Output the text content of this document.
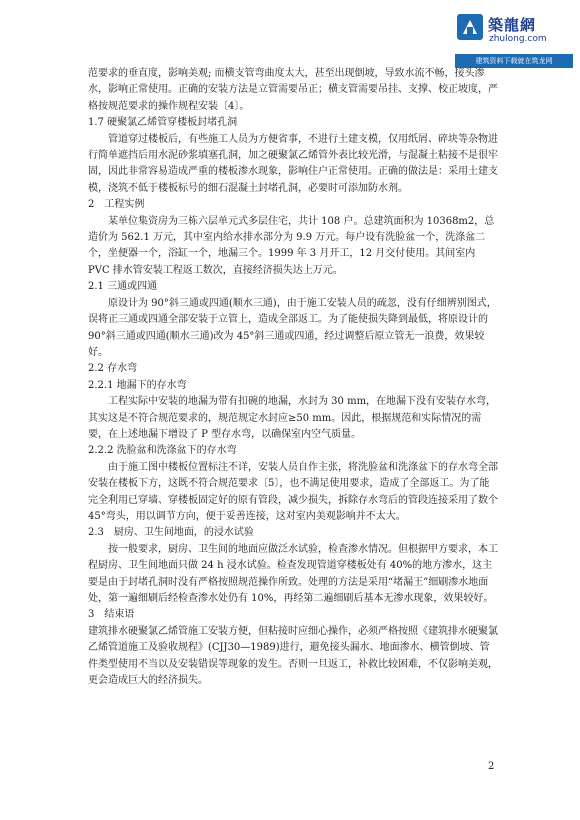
築龍網
zhulong.com
建筑资料下载就在筑龙网

范要求的垂直度，影响美观; 而横支管弯曲度太大，甚至出现倒坡，导致水流不畅，接头渗水，影响正常使用。正确的安装方法是立管需要吊正；横支管需要吊挂、支撑、校正坡度，严格按规范要求的操作规程安装〔4〕。

1.7 硬聚氯乙烯管穿楼板封堵孔洞

　　管道穿过楼板后，有些施工人员为方便省事，不进行土建支模，仅用纸屑、碎块等杂物进行简单遮挡后用水泥砂浆填塞孔洞，加之硬聚氯乙烯管外表比较光滑，与混凝土粘接不是很牢固，因此非常容易造成严重的楼板渗水现象，影响住户正常使用。正确的做法是：采用土建支模，浇筑不低于楼板标号的细石混凝土封堵孔洞，必要时可添加防水剂。

2　工程实例

　　某单位集资房为三栋六层单元式多层住宅，共计 108 户。总建筑面积为 10368m2，总造价为 562.1 万元，其中室内给水排水部分为 9.9 万元。每户设有洗脸盆一个，洗涤盆二个，坐便器一个，浴缸一个，地漏三个。1999 年 3 月开工，12 月交付使用。其间室内 PVC 排水管安装工程返工数次，直接经济损失达上万元。

2.1 三通或四通

　　原设计为 90°斜三通或四通(顺水三通)，由于施工安装人员的疏忽，没有仔细辨别图式，误将正三通或四通全部安装于立管上，造成全部返工。为了能使损失降到最低，将原设计的 90°斜三通或四通(顺水三通)改为 45°斜三通或四通，经过调整后原立管无一浪费，效果较好。

2.2 存水弯

2.2.1 地漏下的存水弯

　　工程实际中安装的地漏为带有扣碗的地漏，水封为 30 mm，在地漏下没有安装存水弯，其实这是不符合规范要求的，规范规定水封应≥50 mm。因此，根据规范和实际情况的需要，在上述地漏下增设了 P 型存水弯，以确保室内空气质量。

2.2.2 洗脸盆和洗涤盆下的存水弯

　　由于施工图中楼板位置标注不详，安装人员自作主张，将洗脸盆和洗涤盆下的存水弯全部安装在楼板下方，这既不符合规范要求〔5〕，也不满足使用要求，造成了全部返工。为了能完全利用已穿墙、穿楼板固定好的原有管段，减少损失，拆除存水弯后的管段连接采用了数个 45°弯头，用以调节方向，便于妥善连接，这对室内美观影响并不太大。

2.3　厨房、卫生间地面，的浸水试验

　　按一般要求，厨房、卫生间的地面应做泛水试验，检查渗水情况。但根据甲方要求，本工程厨房、卫生间地面只做 24 h 浸水试验。检查发现管道穿楼板处有 40%的地方渗水，这主要是由于封堵孔洞时没有严格按照规范操作所致。处理的方法是采用“堵漏王”细刷渗水地面处，第一遍细刷后经检查渗水处仍有 10%，再经第二遍细刷后基本无渗水现象，效果较好。

3　结束语

建筑排水硬聚氯乙烯管施工安装方便，但粘接时应细心操作，必须严格按照《建筑排水硬聚氯乙烯管道施工及验收规程》(CJJ30—1989)进行，避免接头漏水、地面渗水、横管倒坡、管件类型使用不当以及安装错误等现象的发生。否则一旦返工，补救比较困难，不仅影响美观，更会造成巨大的经济损失。

2
